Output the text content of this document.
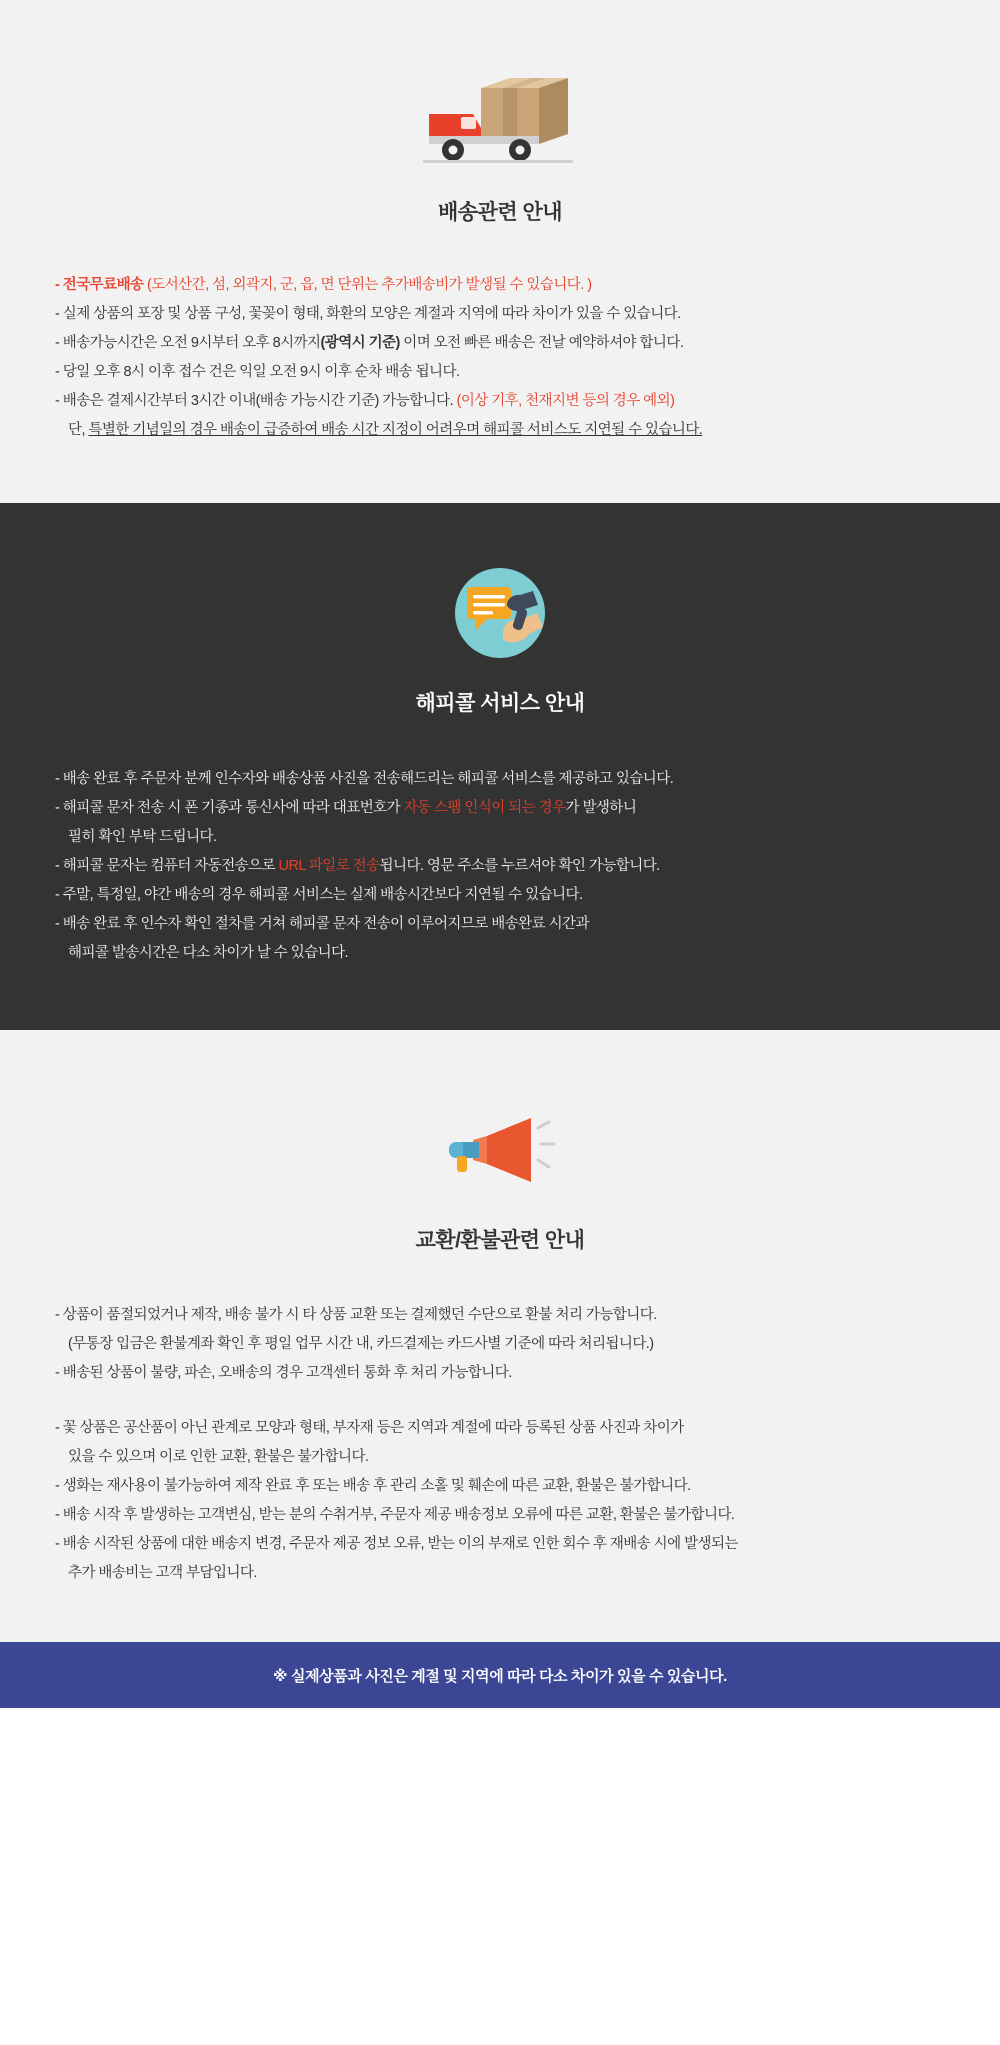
배송관련 안내
- 전국무료배송 (도서산간, 섬, 외곽지, 군, 읍, 면 단위는 추가배송비가 발생될 수 있습니다. )
- 실제 상품의 포장 및 상품 구성, 꽃꽂이 형태, 화환의 모양은 계절과 지역에 따라 차이가 있을 수 있습니다.
- 배송가능시간은 오전 9시부터 오후 8시까지(광역시 기준) 이며 오전 빠른 배송은 전날 예약하셔야 합니다.
- 당일 오후 8시 이후 접수 건은 익일 오전 9시 이후 순차 배송 됩니다.
- 배송은 결제시간부터 3시간 이내(배송 가능시간 기준) 가능합니다. (이상 기후, 천재지변 등의 경우 예외)
단, 특별한 기념일의 경우 배송이 급증하여 배송 시간 지정이 어려우며 해피콜 서비스도 지연될 수 있습니다.
해피콜 서비스 안내
- 배송 완료 후 주문자 분께 인수자와 배송상품 사진을 전송해드리는 해피콜 서비스를 제공하고 있습니다.
- 해피콜 문자 전송 시 폰 기종과 통신사에 따라 대표번호가 자동 스팸 인식이 되는 경우가 발생하니
필히 확인 부탁 드립니다.
- 해피콜 문자는 컴퓨터 자동전송으로 URL 파일로 전송됩니다. 영문 주소를 누르셔야 확인 가능합니다.
- 주말, 특정일, 야간 배송의 경우 해피콜 서비스는 실제 배송시간보다 지연될 수 있습니다.
- 배송 완료 후 인수자 확인 절차를 거쳐 해피콜 문자 전송이 이루어지므로 배송완료 시간과
해피콜 발송시간은 다소 차이가 날 수 있습니다.
교환/환불관련 안내
- 상품이 품절되었거나 제작, 배송 불가 시 타 상품 교환 또는 결제했던 수단으로 환불 처리 가능합니다.
(무통장 입금은 환불계좌 확인 후 평일 업무 시간 내, 카드결제는 카드사별 기준에 따라 처리됩니다.)
- 배송된 상품이 불량, 파손, 오배송의 경우 고객센터 통화 후 처리 가능합니다.
- 꽃 상품은 공산품이 아닌 관계로 모양과 형태, 부자재 등은 지역과 계절에 따라 등록된 상품 사진과 차이가
있을 수 있으며 이로 인한 교환, 환불은 불가합니다.
- 생화는 재사용이 불가능하여 제작 완료 후 또는 배송 후 관리 소홀 및 훼손에 따른 교환, 환불은 불가합니다.
- 배송 시작 후 발생하는 고객변심, 받는 분의 수취거부, 주문자 제공 배송정보 오류에 따른 교환, 환불은 불가합니다.
- 배송 시작된 상품에 대한 배송지 변경, 주문자 제공 정보 오류, 받는 이의 부재로 인한 회수 후 재배송 시에 발생되는
추가 배송비는 고객 부담입니다.
※ 실제상품과 사진은 계절 및 지역에 따라 다소 차이가 있을 수 있습니다.
